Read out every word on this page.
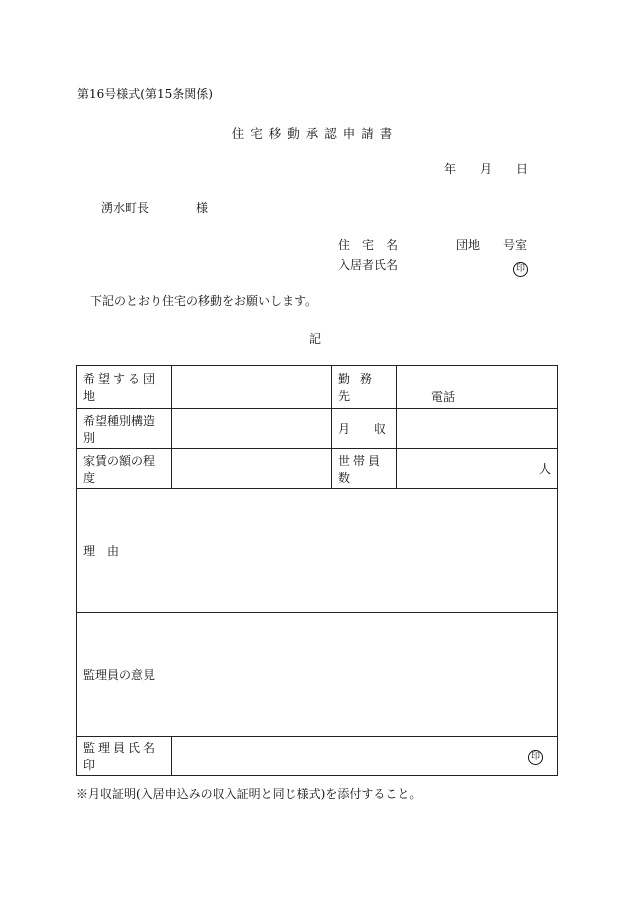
第16号様式(第15条関係)
住宅移動承認申請書
年 月 日
湧水町長	様
住　宅　名	団地 号室
入居者氏名	印
下記のとおり住宅の移動をお願いします。
記
希望する団地		勤 務 先	電話
希望種別構造別		月　　収	
家賃の額の程度		世帯員数	人
理　由			
監理員の意見			
監理員氏名印	印		
※月収証明(入居申込みの収入証明と同じ様式)を添付すること。
